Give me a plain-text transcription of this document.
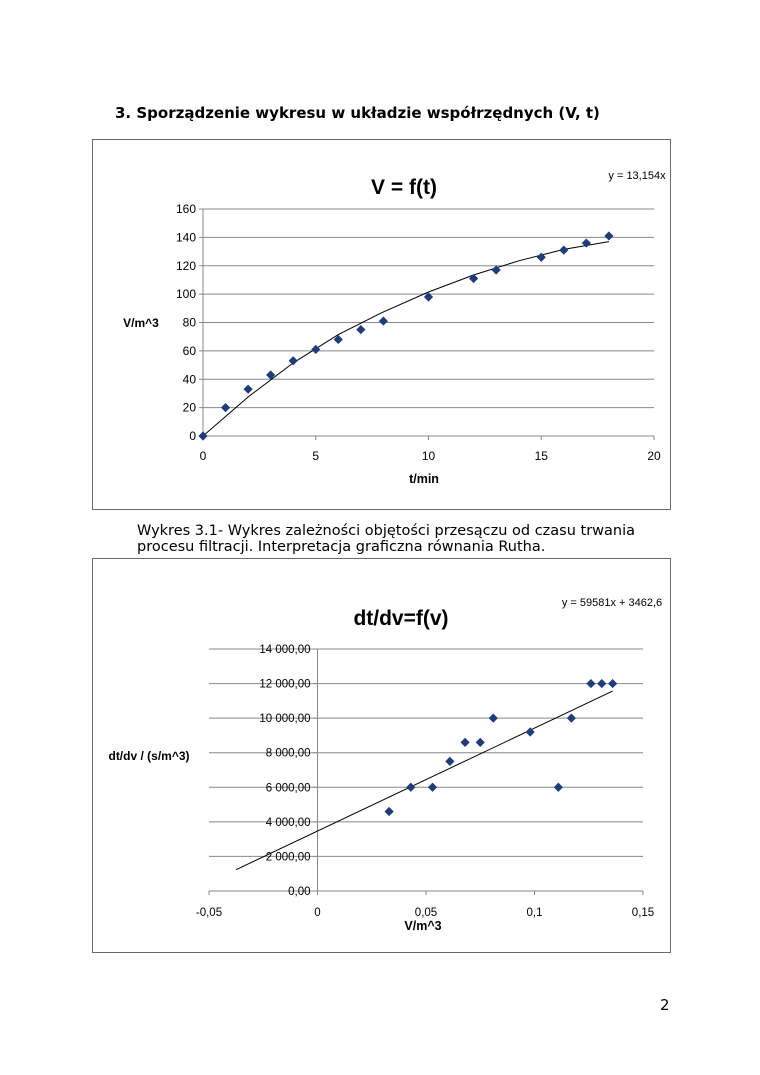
3. Sporządzenie wykresu w układzie współrzędnych (V, t)
0
20
40
60
80
100
120
140
160
0	5	10	15	20
V = f(t)	y = 13,154x
V/m^3
t/min
Wykres 3.1- Wykres zależności objętości przesączu od czasu trwania procesu filtracji. Interpretacja graficzna równania Rutha.
0,00
2 000,00
4 000,00
6 000,00
8 000,00
10 000,00
12 000,00
14 000,00
-0,05	0	0,05	0,1	0,15
dt/dv=f(v)
y = 59581x + 3462,6
dt/dv / (s/m^3)
V/m^3
2
